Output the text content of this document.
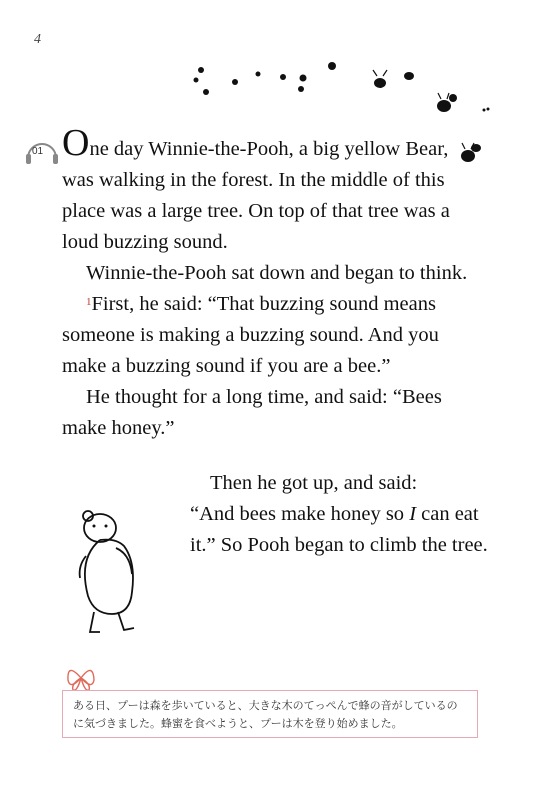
4
01 One day Winnie-the-Pooh, a big yellow Bear, was walking in the forest. In the middle of this place was a large tree. On top of that tree was a loud buzzing sound.

Winnie-the-Pooh sat down and began to think.

$^1$First, he said: “That buzzing sound means someone is making a buzzing sound. And you make a buzzing sound if you are a bee.”

He thought for a long time, and said: “Bees make honey.”

Then he got up, and said:

“And bees make honey so I can eat it.” So Pooh began to climb the tree.

ある日、プーは森を歩いていると、大きな木のてっぺんで蜂の音がしているのに気づきました。蜂蜜を食べようと、プーは木を登り始めました。
